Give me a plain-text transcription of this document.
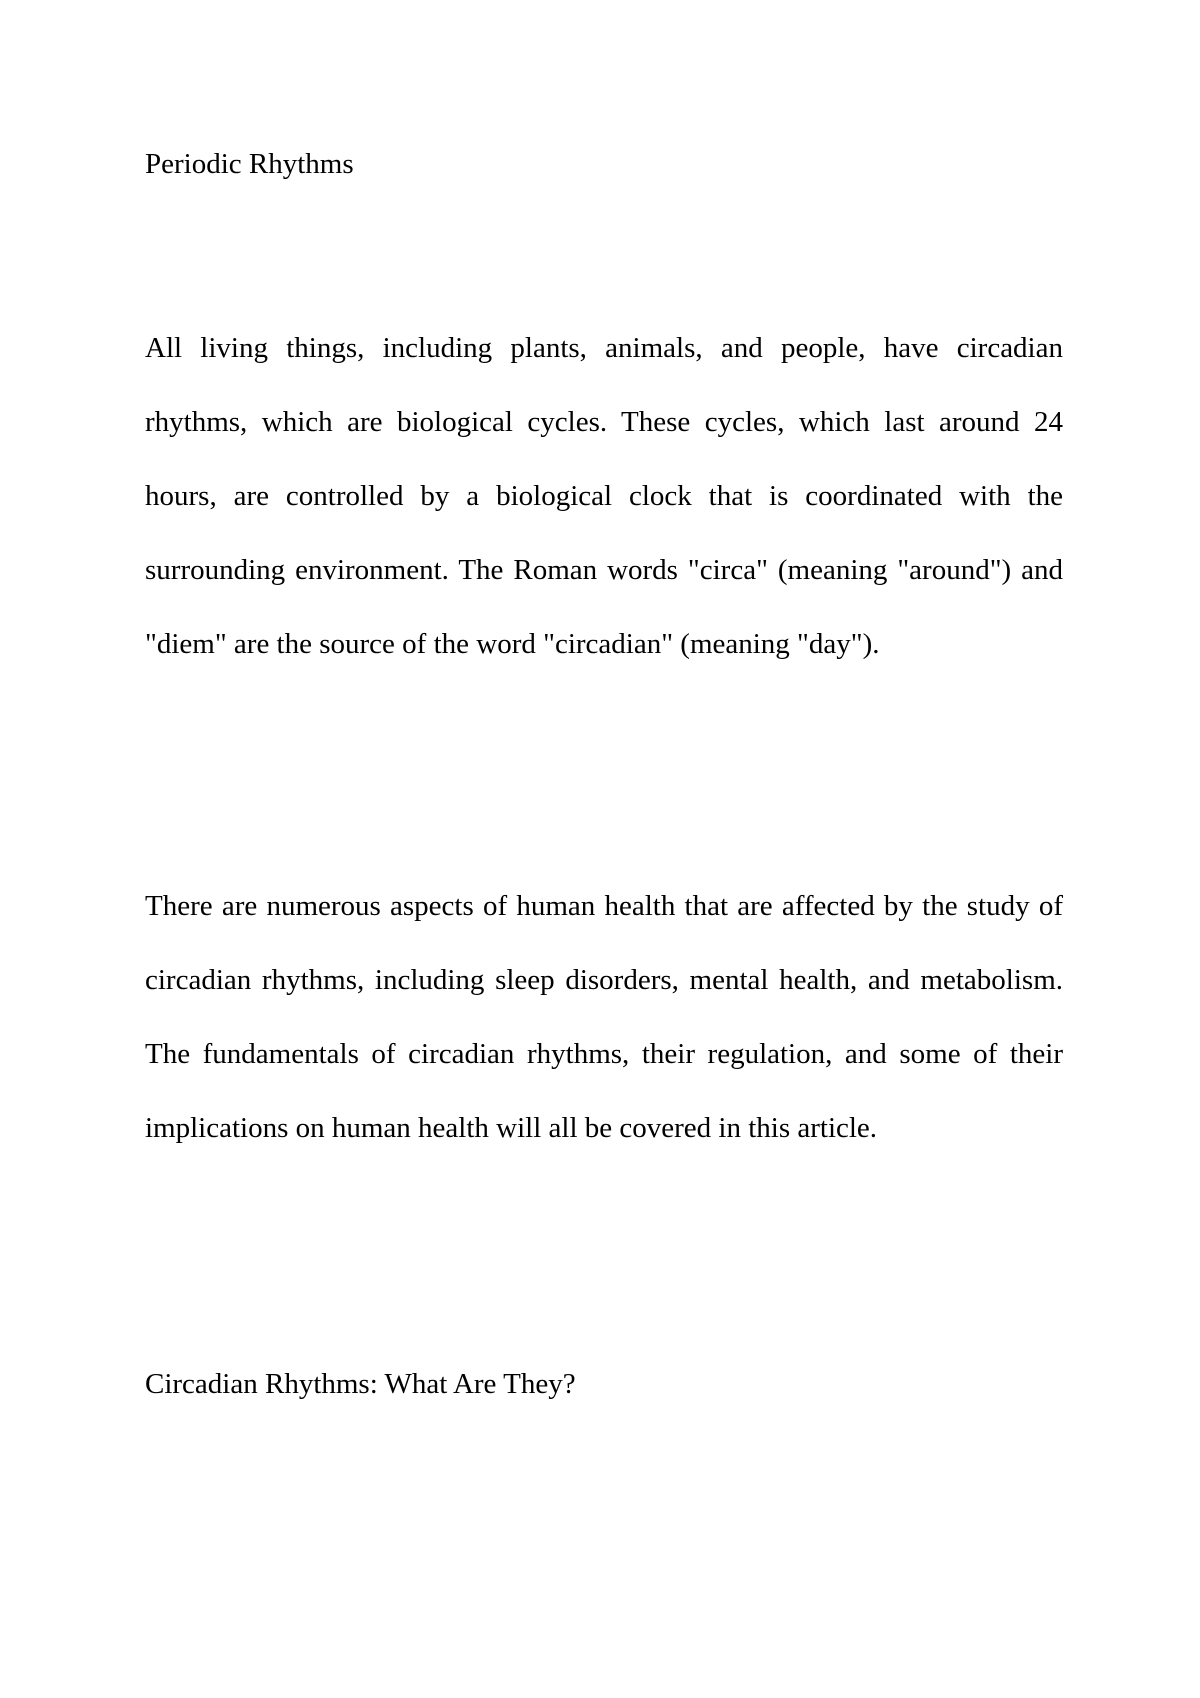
Periodic Rhythms

All living things, including plants, animals, and people, have circadian rhythms, which are biological cycles. These cycles, which last around 24 hours, are controlled by a biological clock that is coordinated with the surrounding environment. The Roman words "circa" (meaning "around") and "diem" are the source of the word "circadian" (meaning "day").

There are numerous aspects of human health that are affected by the study of circadian rhythms, including sleep disorders, mental health, and metabolism. The fundamentals of circadian rhythms, their regulation, and some of their implications on human health will all be covered in this article.

Circadian Rhythms: What Are They?
